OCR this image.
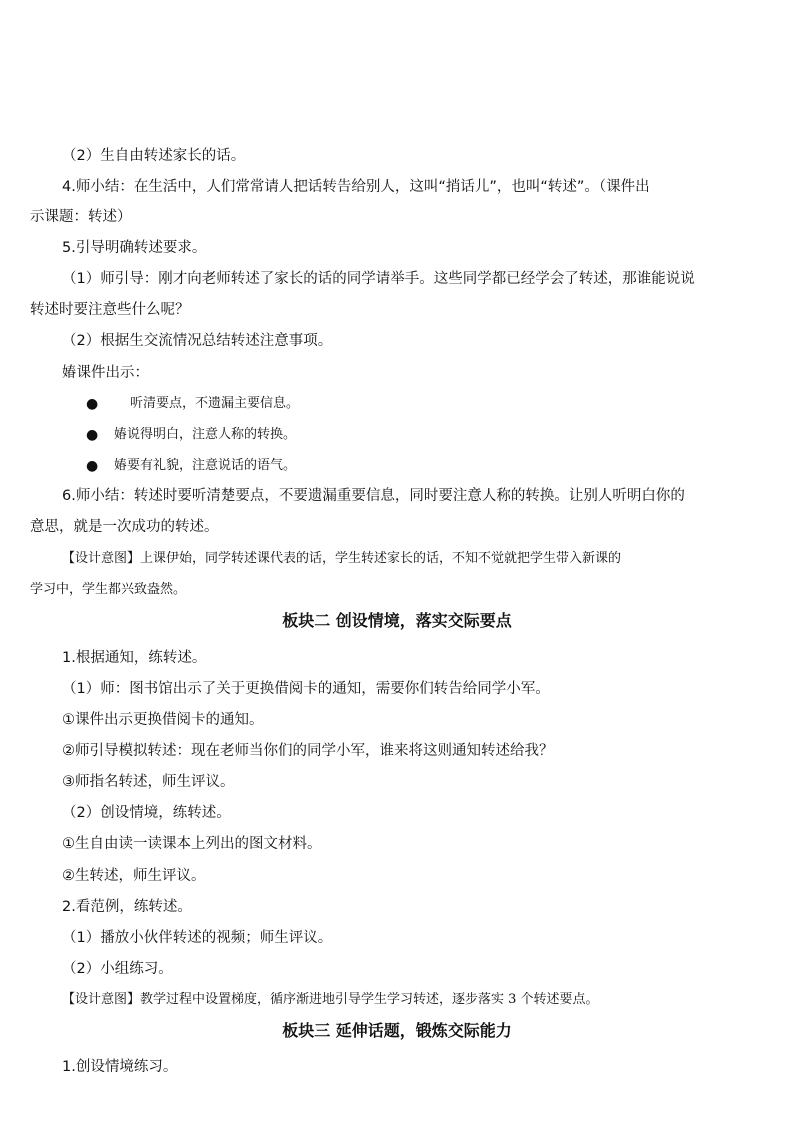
（2）生自由转述家长的话。
4.师小结：在生活中，人们常常请人把话转告给别人，这叫“捎话儿”，也叫“转述”。（课件出
示课题：转述）
5.引导明确转述要求。
（1）师引导：刚才向老师转述了家长的话的同学请举手。这些同学都已经学会了转述，那谁能说说
转述时要注意些什么呢？
（2）根据生交流情况总结转述注意事项。
媋课件出示：
● 听清要点，不遗漏主要信息。
● 媋说得明白，注意人称的转换。
● 媋要有礼貌，注意说话的语气。
6.师小结：转述时要听清楚要点，不要遗漏重要信息，同时要注意人称的转换。让别人听明白你的
意思，就是一次成功的转述。
【设计意图】上课伊始，同学转述课代表的话，学生转述家长的话，不知不觉就把学生带入新课的
学习中，学生都兴致盎然。
板块二 创设情境，落实交际要点
1.根据通知，练转述。
（1）师：图书馆出示了关于更换借阅卡的通知，需要你们转告给同学小军。
①课件出示更换借阅卡的通知。
②师引导模拟转述：现在老师当你们的同学小军，谁来将这则通知转述给我？
③师指名转述，师生评议。
（2）创设情境，练转述。
①生自由读一读课本上列出的图文材料。
②生转述，师生评议。
2.看范例，练转述。
（1）播放小伙伴转述的视频；师生评议。
（2）小组练习。
【设计意图】教学过程中设置梯度，循序渐进地引导学生学习转述，逐步落实 3 个转述要点。
板块三 延伸话题，锻炼交际能力
1.创设情境练习。
